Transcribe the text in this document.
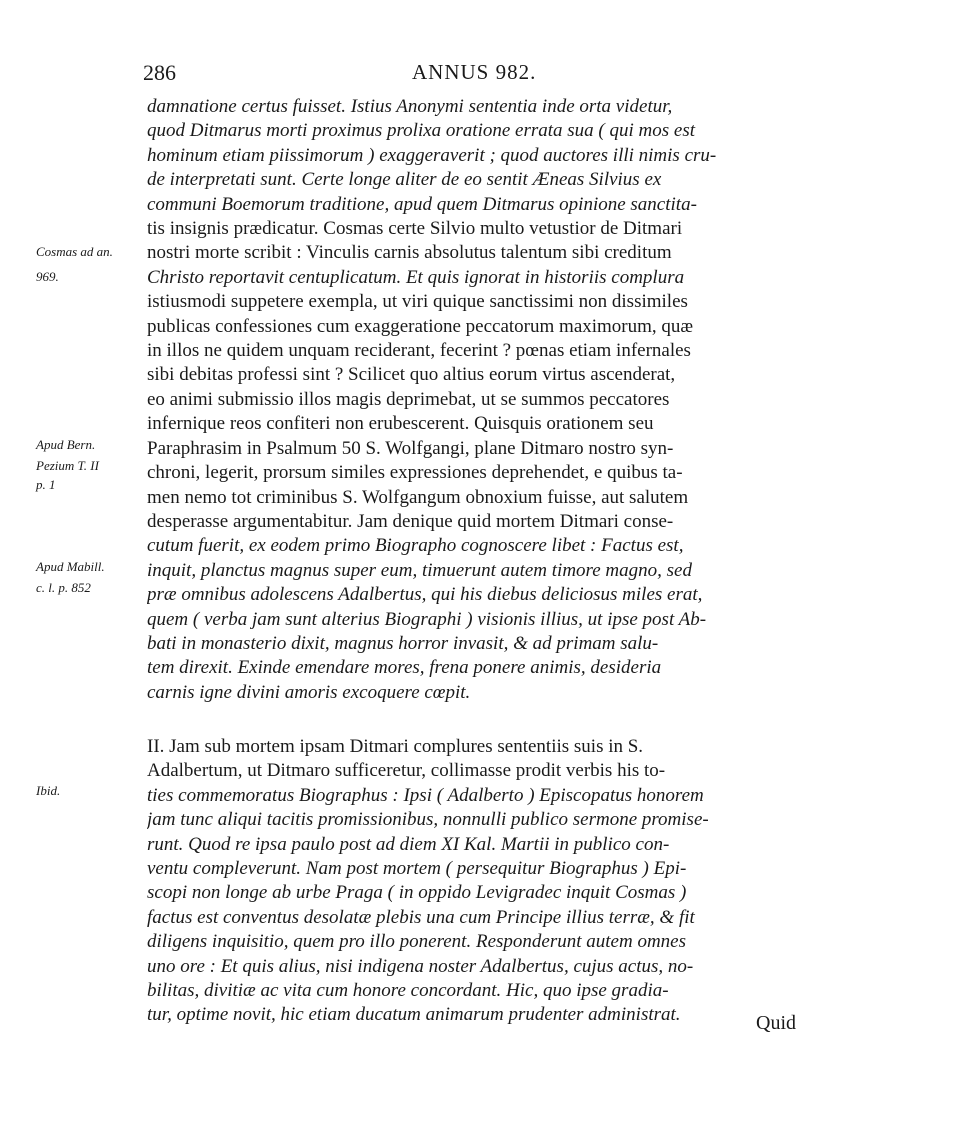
286	ANNUS 982.
damnatione certus fuisset. Istius Anonymi sententia inde orta videtur,
quod Ditmarus morti proximus prolixa oratione errata sua ( qui mos est
hominum etiam piissimorum ) exaggeraverit ; quod auctores illi nimis cru-
de interpretati sunt. Certe longe aliter de eo sentit Æneas Silvius ex
communi Boemorum traditione, apud quem Ditmarus opinione sanctita-
tis insignis prædicatur. Cosmas certe Silvio multo vetustior de Ditmari
nostri morte scribit : Vinculis carnis absolutus talentum sibi creditum
Christo reportavit centuplicatum. Et quis ignorat in historiis complura
istiusmodi suppetere exempla, ut viri quique sanctissimi non dissimiles
publicas confessiones cum exaggeratione peccatorum maximorum, quæ
in illos ne quidem unquam reciderant, fecerint ? pœnas etiam infernales
sibi debitas professi sint ? Scilicet quo altius eorum virtus ascenderat,
eo animi submissio illos magis deprimebat, ut se summos peccatores
infernique reos confiteri non erubescerent. Quisquis orationem seu
Paraphrasim in Psalmum 50 S. Wolfgangi, plane Ditmaro nostro syn-
chroni, legerit, prorsum similes expressiones deprehendet, e quibus ta-
men nemo tot criminibus S. Wolfgangum obnoxium fuisse, aut salutem
desperasse argumentabitur. Jam denique quid mortem Ditmari conse-
cutum fuerit, ex eodem primo Biographo cognoscere libet : Factus est,
inquit, planctus magnus super eum, timuerunt autem timore magno, sed
præ omnibus adolescens Adalbertus, qui his diebus deliciosus miles erat,
quem ( verba jam sunt alterius Biographi ) visionis illius, ut ipse post Ab-
bati in monasterio dixit, magnus horror invasit, & ad primam salu-
tem direxit. Exinde emendare mores, frena ponere animis, desideria
carnis igne divini amoris excoquere cœpit.
II. Jam sub mortem ipsam Ditmari complures sententiis suis in S.
Adalbertum, ut Ditmaro sufficeretur, collimasse prodit verbis his to-
ties commemoratus Biographus : Ipsi ( Adalberto ) Episcopatus honorem
jam tunc aliqui tacitis promissionibus, nonnulli publico sermone promise-
runt. Quod re ipsa paulo post ad diem XI Kal. Martii in publico con-
ventu compleverunt. Nam post mortem ( persequitur Biographus ) Epi-
scopi non longe ab urbe Praga ( in oppido Levigradec inquit Cosmas )
factus est conventus desolatæ plebis una cum Principe illius terræ, & fit
diligens inquisitio, quem pro illo ponerent. Responderunt autem omnes
uno ore : Et quis alius, nisi indigena noster Adalbertus, cujus actus, no-
bilitas, divitiæ ac vita cum honore concordant. Hic, quo ipse gradia-
tur, optime novit, hic etiam ducatum animarum prudenter administrat.
Cosmas ad an.
969.
Apud Bern.
Pezium T. II
p. 1
Apud Mabill.
c. l. p. 852
Ibid.
Quid
